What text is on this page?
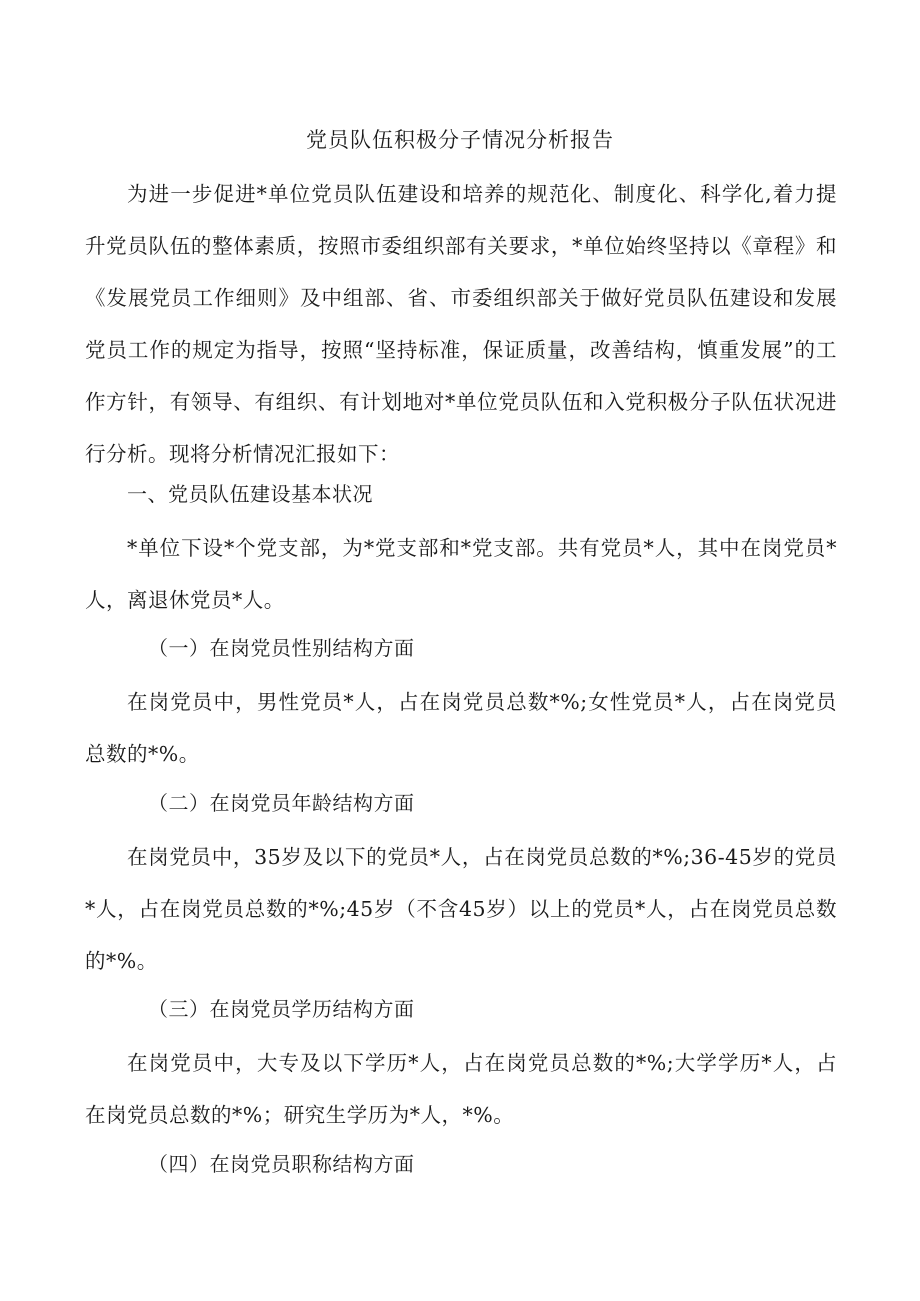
党员队伍积极分子情况分析报告

为进一步促进*单位党员队伍建设和培养的规范化、制度化、科学化,着力提升党员队伍的整体素质，按照市委组织部有关要求，*单位始终坚持以《章程》和《发展党员工作细则》及中组部、省、市委组织部关于做好党员队伍建设和发展党员工作的规定为指导，按照“坚持标准，保证质量，改善结构，慎重发展”的工作方针，有领导、有组织、有计划地对*单位党员队伍和入党积极分子队伍状况进行分析。现将分析情况汇报如下：

一、党员队伍建设基本状况

*单位下设*个党支部，为*党支部和*党支部。共有党员*人，其中在岗党员*人，离退休党员*人。

（一）在岗党员性别结构方面

在岗党员中，男性党员*人，占在岗党员总数*%;女性党员*人，占在岗党员总数的*%。

（二）在岗党员年龄结构方面

在岗党员中，35岁及以下的党员*人，占在岗党员总数的*%;36-45岁的党员*人，占在岗党员总数的*%;45岁（不含45岁）以上的党员*人，占在岗党员总数的*%。

（三）在岗党员学历结构方面

在岗党员中，大专及以下学历*人，占在岗党员总数的*%;大学学历*人，占在岗党员总数的*%；研究生学历为*人，*%。

（四）在岗党员职称结构方面
